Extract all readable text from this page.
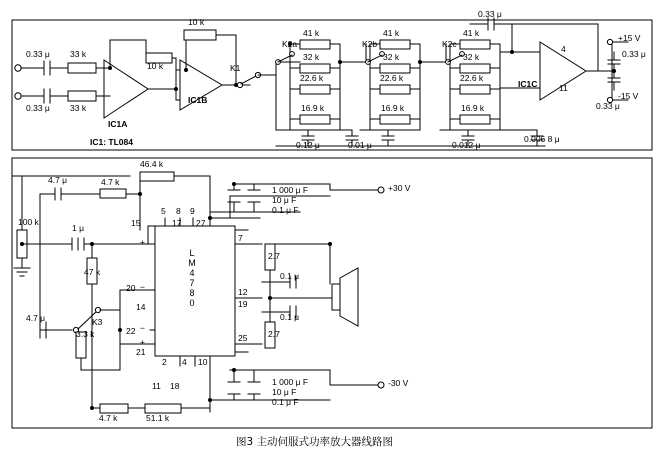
0.33 μ
0.33 μ
33 k
33 k
10 k
10 k
IC1A
IC1B
IC1C
K1
IC1: TL084
K2a
41 k
32 k
22.6 k
16.9 k
0.12 μ	0.01 μ
K2b
41 k
32 k
22.6 k
16.9 k
K2c
41 k
32 k
22.6 k
16.9 k
0.012 μ
0.006 8 μ
0.33 μ
4
11
0.33 μ
0.33 μ
+15 V
-15 V
100 k
1 μ
47 k
4.7 μ
4.7 μ
4.7 k
4.7 k
46.4 k
51.1 k
3.3 k
K3
LM4780
5 8 9
15	17 27
7
+
−
−
+
20
14
22
21
12
19
25
2 4 10
11 18
2.7
2.7
0.1 μ
0.1 μ
1 000 μ F
10 μ F
0.1 μ F
1 000 μ F
10 μ F
0.1 μ F
+30 V
-30 V
图3 主动伺服式功率放大器线路图
